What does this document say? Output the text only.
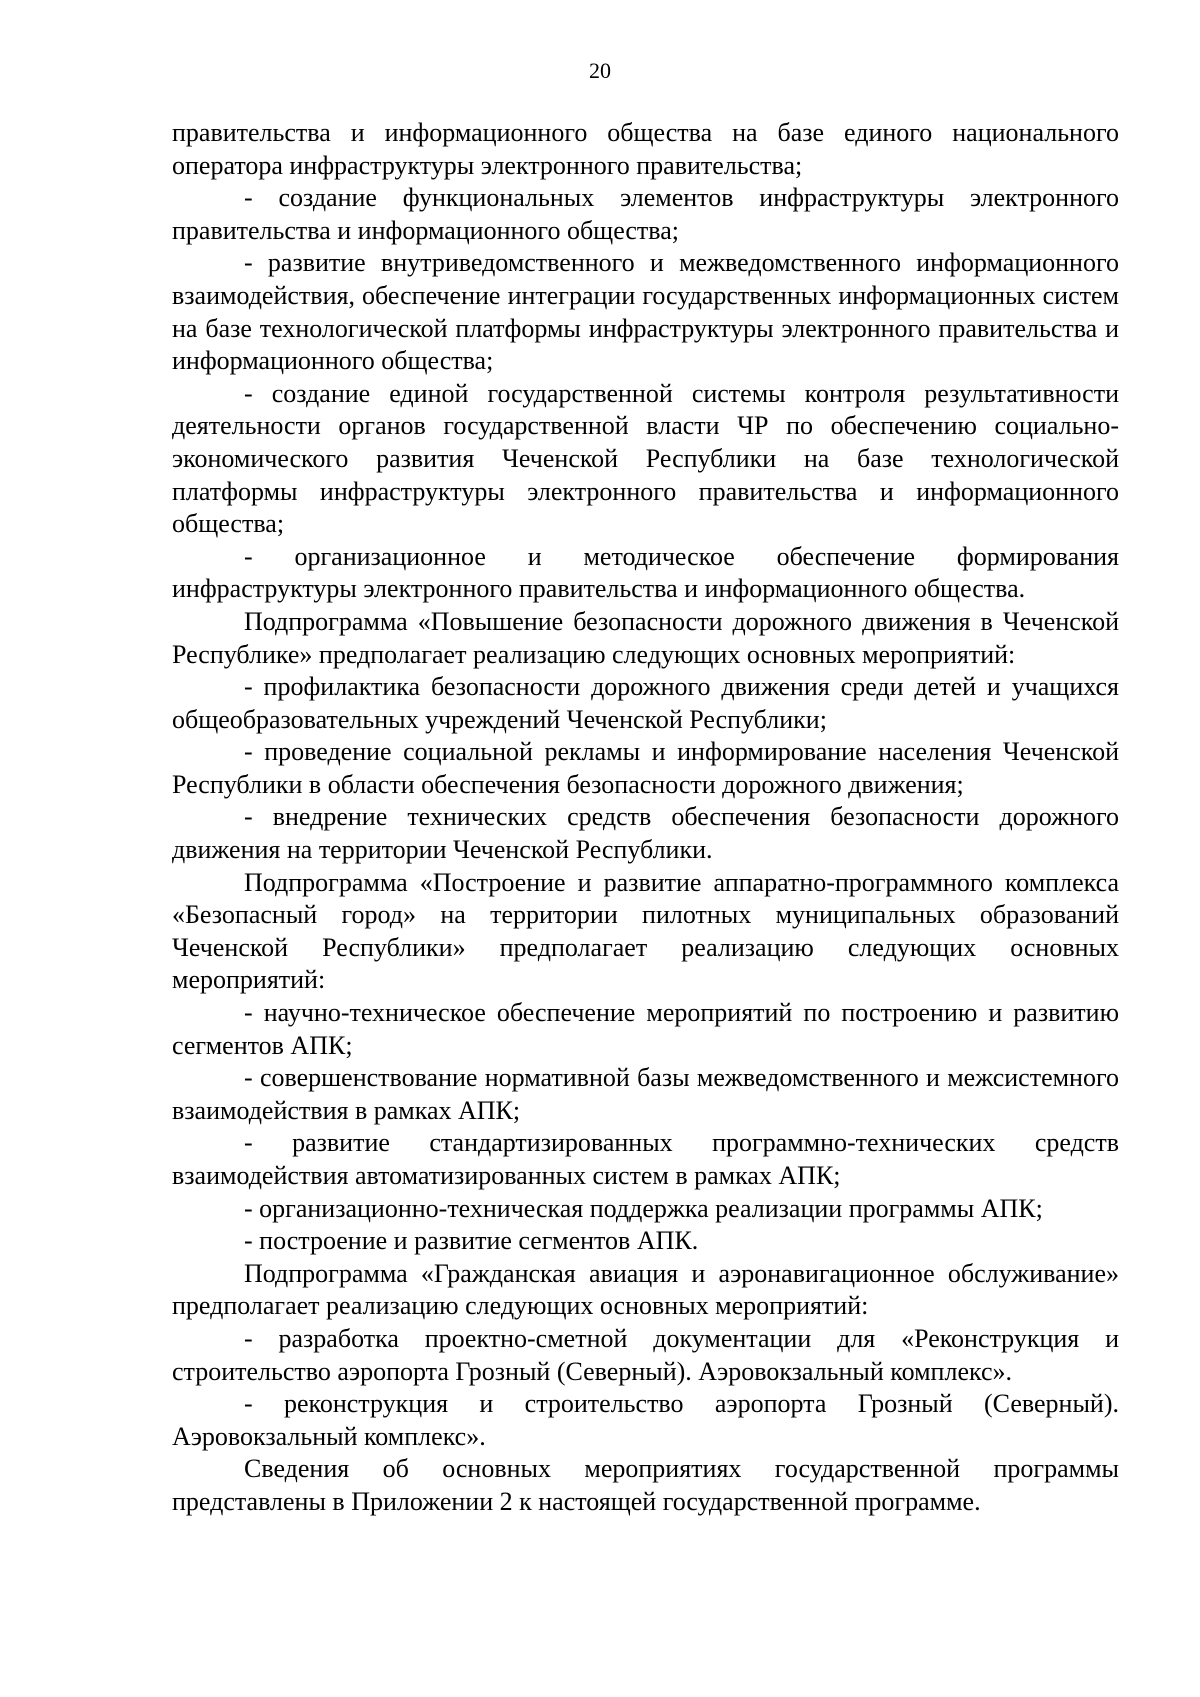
20

правительства и информационного общества на базе единого национального оператора инфраструктуры электронного правительства;

- создание функциональных элементов инфраструктуры электронного правительства и информационного общества;

- развитие внутриведомственного и межведомственного информационного взаимодействия, обеспечение интеграции государственных информационных систем на базе технологической платформы инфраструктуры электронного правительства и информационного общества;

- создание единой государственной системы контроля результативности деятельности органов государственной власти ЧР по обеспечению социально-экономического развития Чеченской Республики на базе технологической платформы инфраструктуры электронного правительства и информационного общества;

- организационное и методическое обеспечение формирования инфраструктуры электронного правительства и информационного общества.

Подпрограмма «Повышение безопасности дорожного движения в Чеченской Республике» предполагает реализацию следующих основных мероприятий:

- профилактика безопасности дорожного движения среди детей и учащихся общеобразовательных учреждений Чеченской Республики;

- проведение социальной рекламы и информирование населения Чеченской Республики в области обеспечения безопасности дорожного движения;

- внедрение технических средств обеспечения безопасности дорожного движения на территории Чеченской Республики.

Подпрограмма «Построение и развитие аппаратно-программного комплекса «Безопасный город» на территории пилотных муниципальных образований Чеченской Республики» предполагает реализацию следующих основных мероприятий:

- научно-техническое обеспечение мероприятий по построению и развитию сегментов АПК;

- совершенствование нормативной базы межведомственного и межсистемного взаимодействия в рамках АПК;

- развитие стандартизированных программно-технических средств взаимодействия автоматизированных систем в рамках АПК;

- организационно-техническая поддержка реализации программы АПК;

- построение и развитие сегментов АПК.

Подпрограмма «Гражданская авиация и аэронавигационное обслуживание» предполагает реализацию следующих основных мероприятий:

- разработка проектно-сметной документации для «Реконструкция и строительство аэропорта Грозный (Северный). Аэровокзальный комплекс».

- реконструкция и строительство аэропорта Грозный (Северный). Аэровокзальный комплекс».

Сведения об основных мероприятиях государственной программы представлены в Приложении 2 к настоящей государственной программе.
